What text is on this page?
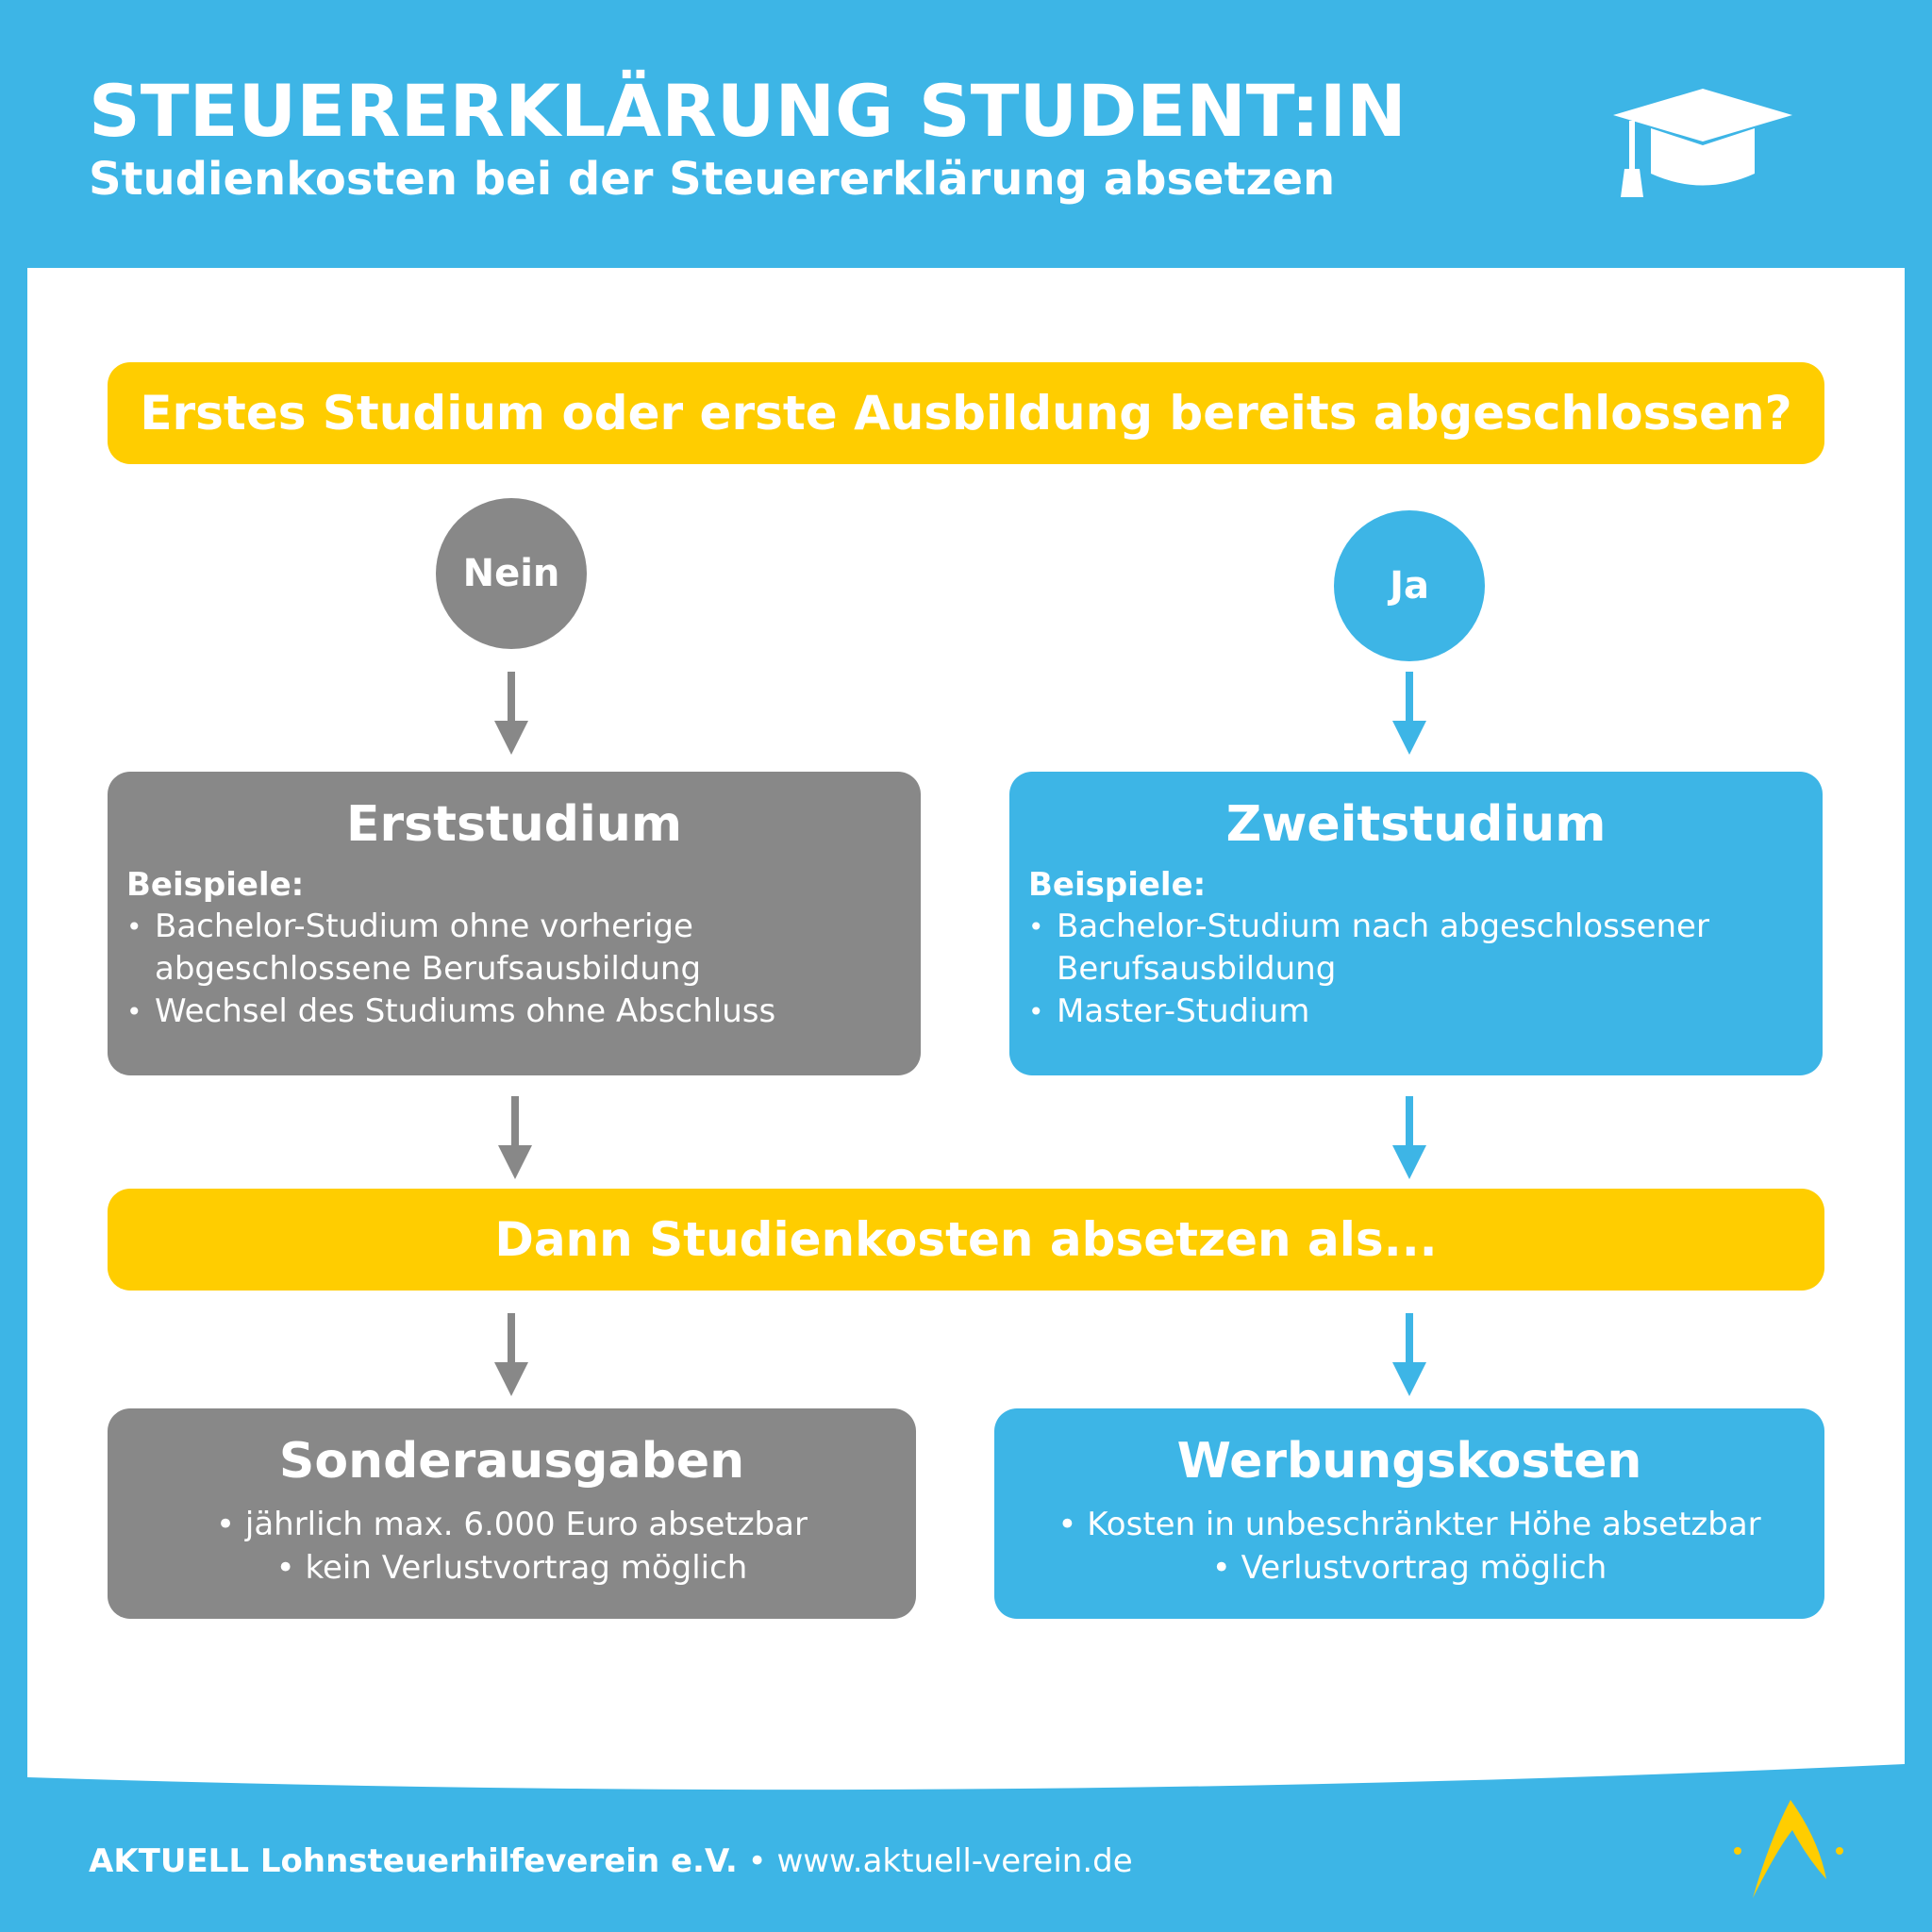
STEUERERKLÄRUNG STUDENT:IN
Studienkosten bei der Steuererklärung absetzen
Erstes Studium oder erste Ausbildung bereits abgeschlossen?
Nein	Ja
Erststudium
Beispiele:
• Bachelor-Studium ohne vorherige abgeschlossene Berufsausbildung
• Wechsel des Studiums ohne Abschluss
Zweitstudium
Beispiele:
• Bachelor-Studium nach abgeschlossener Berufsausbildung
• Master-Studium
Dann Studienkosten absetzen als...
Sonderausgaben
• jährlich max. 6.000 Euro absetzbar
• kein Verlustvortrag möglich
Werbungskosten
• Kosten in unbeschränkter Höhe absetzbar
• Verlustvortrag möglich
AKTUELL Lohnsteuerhilfeverein e.V. • www.aktuell-verein.de
